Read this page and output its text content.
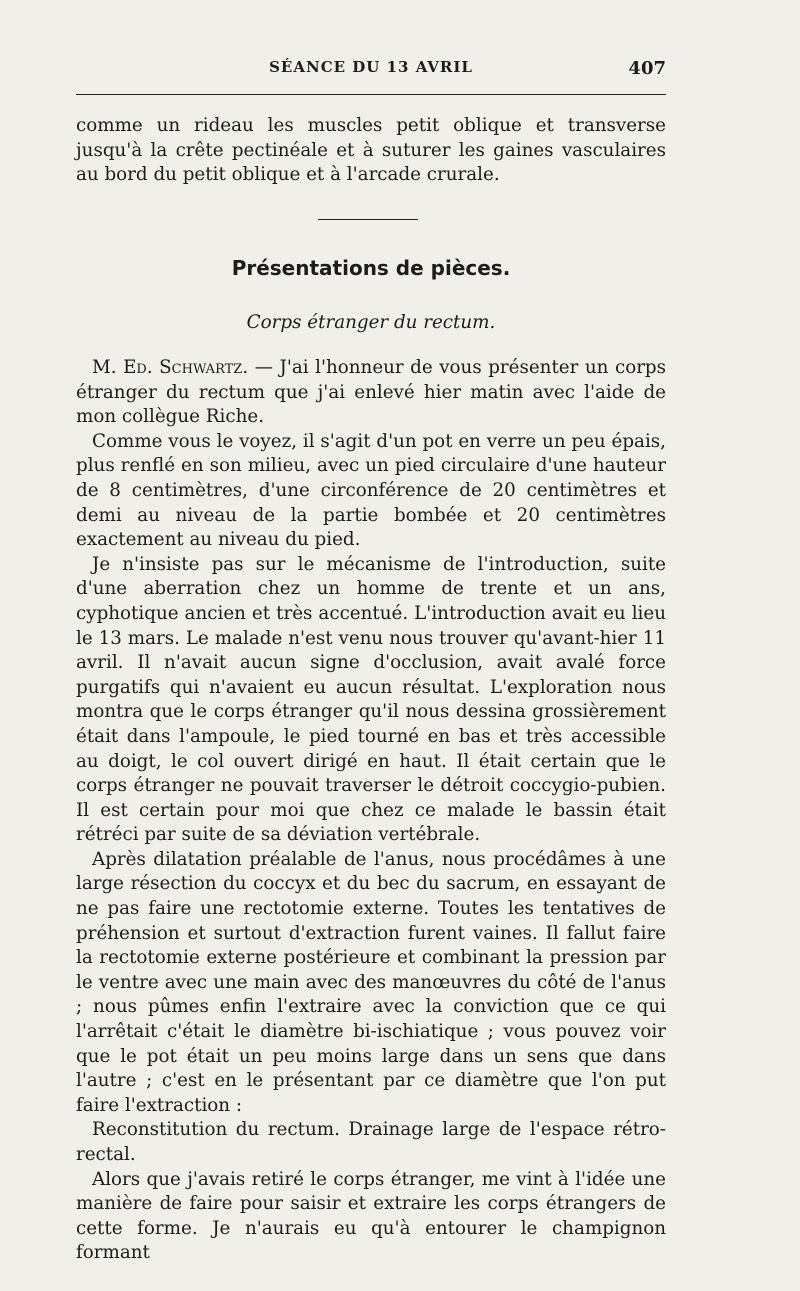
SÉANCE DU 13 AVRIL	407

comme un rideau les muscles petit oblique et transverse jusqu'à la crête pectinéale et à suturer les gaines vasculaires au bord du petit oblique et à l'arcade crurale.

Présentations de pièces.
Corps étranger du rectum.

M. Ed. Schwartz. — J'ai l'honneur de vous présenter un corps étranger du rectum que j'ai enlevé hier matin avec l'aide de mon collègue Riche.

Comme vous le voyez, il s'agit d'un pot en verre un peu épais, plus renflé en son milieu, avec un pied circulaire d'une hauteur de 8 centimètres, d'une circonférence de 20 centimètres et demi au niveau de la partie bombée et 20 centimètres exactement au niveau du pied.

Je n'insiste pas sur le mécanisme de l'introduction, suite d'une aberration chez un homme de trente et un ans, cyphotique ancien et très accentué. L'introduction avait eu lieu le 13 mars. Le malade n'est venu nous trouver qu'avant-hier 11 avril. Il n'avait aucun signe d'occlusion, avait avalé force purgatifs qui n'avaient eu aucun résultat. L'exploration nous montra que le corps étranger qu'il nous dessina grossièrement était dans l'ampoule, le pied tourné en bas et très accessible au doigt, le col ouvert dirigé en haut. Il était certain que le corps étranger ne pouvait traverser le détroit coccygio-pubien. Il est certain pour moi que chez ce malade le bassin était rétréci par suite de sa déviation vertébrale.

Après dilatation préalable de l'anus, nous procédâmes à une large résection du coccyx et du bec du sacrum, en essayant de ne pas faire une rectotomie externe. Toutes les tentatives de préhension et surtout d'extraction furent vaines. Il fallut faire la rectotomie externe postérieure et combinant la pression par le ventre avec une main avec des manœuvres du côté de l'anus ; nous pûmes enfin l'extraire avec la conviction que ce qui l'arrêtait c'était le diamètre bi-ischiatique ; vous pouvez voir que le pot était un peu moins large dans un sens que dans l'autre ; c'est en le présentant par ce diamètre que l'on put faire l'extraction :

Reconstitution du rectum. Drainage large de l'espace rétro-rectal.

Alors que j'avais retiré le corps étranger, me vint à l'idée une manière de faire pour saisir et extraire les corps étrangers de cette forme. Je n'aurais eu qu'à entourer le champignon formant
